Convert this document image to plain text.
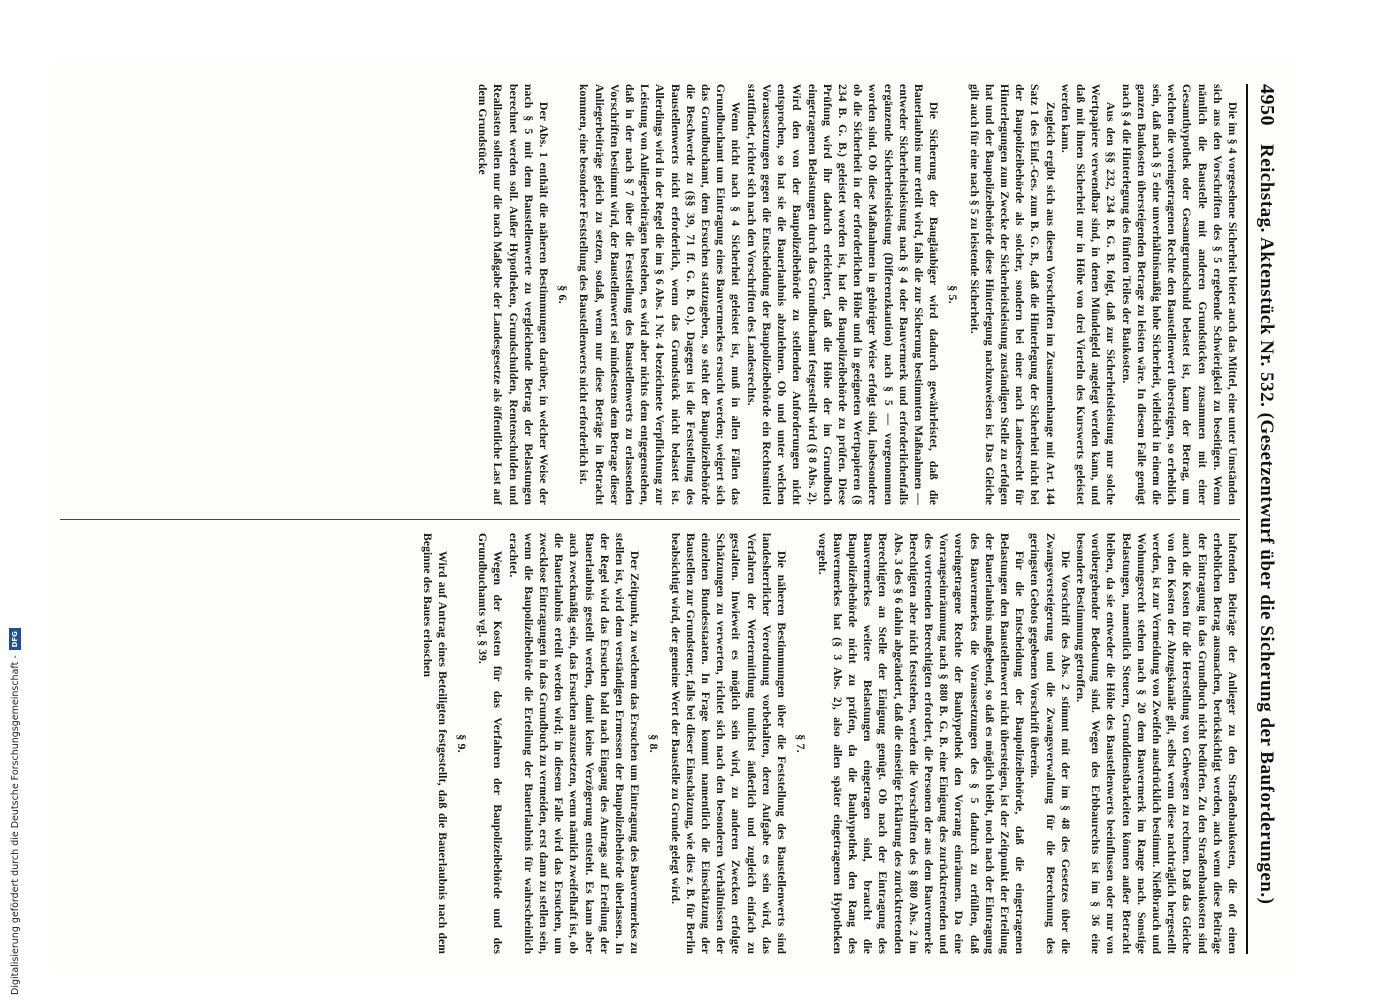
4950
Reichstag. Aktenstück Nr. 532. (Gesetzentwurf über die Sicherung der Bauforderungen.)

Die im § 4 vorgesehene Sicherheit bietet auch das Mittel, eine unter Umständen sich aus den Vorschriften des § 5 ergebende Schwierigkeit zu beseitigen. Wenn nämlich die Baustelle mit anderen Grundstücken zusammen mit einer Gesamthypothek oder Gesamtgrundschuld belastet ist, kann der Betrag, um welchen die voreingetragenen Rechte den Baustellenwert übersteigen, so erheblich sein, daß nach § 5 eine unverhältnismäßig hohe Sicherheit, vielleicht in einem die ganzen Baukosten übersteigenden Betrage zu leisten wäre. In diesem Falle genügt nach § 4 die Hinterlegung des fünften Teiles der Baukosten.

Aus den §§ 232, 234 B. G. B. folgt, daß zur Sicherheitsleistung nur solche Wertpapiere verwendbar sind, in denen Mündelgeld angelegt werden kann, und daß mit ihnen Sicherheit nur in Höhe von drei Vierteln des Kurswerts geleistet werden kann.

Zugleich ergibt sich aus diesen Vorschriften im Zusammenhange mit Art. 144 Satz 1 des Einf.-Ges. zum B. G. B., daß die Hinterlegung der Sicherheit nicht bei der Baupolizeibehörde als solcher, sondern bei einer nach Landesrecht für Hinterlegungen zum Zwecke der Sicherheitsleistung zuständigen Stelle zu erfolgen hat und der Baupolizeibehörde diese Hinterlegung nachzuweisen ist. Das Gleiche gilt auch für eine nach § 5 zu leistende Sicherheit.

§ 5.

Die Sicherung der Baugläubiger wird dadurch gewährleistet, daß die Bauerlaubnis nur erteilt wird, falls die zur Sicherung bestimmten Maßnahmen — entweder Sicherheitsleistung nach § 4 oder Bauvermerk und erforderlichenfalls ergänzende Sicherheitsleistung (Differenzkaution) nach § 5 — vorgenommen worden sind. Ob diese Maßnahmen in gehöriger Weise erfolgt sind, insbesondere ob die Sicherheit in der erforderlichen Höhe und in geeigneten Wertpapieren (§ 234 B. G. B.) geleistet worden ist, hat die Baupolizeibehörde zu prüfen. Diese Prüfung wird ihr dadurch erleichtert, daß die Höhe der im Grundbuch eingetragenen Belastungen durch das Grundbuchamt festgestellt wird (§ 8 Abs. 2). Wird den von der Baupolizeibehörde zu stellenden Anforderungen nicht entsprochen, so hat sie die Bauerlaubnis abzulehnen. Ob und unter welchen Voraussetzungen gegen die Entscheidung der Baupolizeibehörde ein Rechtsmittel stattfindet, richtet sich nach den Vorschriften des Landesrechts.

Wenn nicht nach § 4 Sicherheit geleistet ist, muß in allen Fällen das Grundbuchamt um Eintragung eines Bauvermerkes ersucht werden; weigert sich das Grundbuchamt, dem Ersuchen stattzugeben, so steht der Baupolizeibehörde die Beschwerde zu (§§ 39, 71 ff. G. B. O.). Dagegen ist die Feststellung des Baustellenwerts nicht erforderlich, wenn das Grundstück nicht belastet ist. Allerdings wird in der Regel die im § 6 Abs. 1 Nr. 4 bezeichnete Verpflichtung zur Leistung von Anliegerbeiträgen bestehen, es wird aber nichts dem entgegenstehen, daß in der nach § 7 über die Feststellung des Baustellenwerts zu erlassenden Vorschriften bestimmt wird, der Baustellenwert sei mindestens dem Betrage dieser Anliegerbeiträge gleich zu setzen, sodaß, wenn nur diese Beträge in Betracht kommen, eine besondere Feststellung des Baustellenwerts nicht erforderlich ist.

§ 6.

Der Abs. 1 enthält die näheren Bestimmungen darüber, in welcher Weise der nach § 5 mit dem Baustellenwerte zu vergleichende Betrag der Belastungen berechnet werden soll. Außer Hypotheken, Grundschulden, Rentenschulden und Reallasten sollen nur die nach Maßgabe der Landesgesetze als öffentliche Last auf dem Grundstücke

haftenden Beiträge der Anlieger zu den Straßenbaukosten, die oft einen erheblichen Betrag ausmachen, berücksichtigt werden, auch wenn diese Beiträge der Eintragung in das Grundbuch nicht bedürfen. Zu den Straßenbaukosten sind auch die Kosten für die Herstellung von Gehwegen zu rechnen. Daß das Gleiche von den Kosten der Abzugskanäle gilt, selbst wenn diese nachträglich hergestellt werden, ist zur Vermeidung von Zweifeln ausdrücklich bestimmt. Nießbrauch und Wohnungsrecht stehen nach § 20 dem Bauvermerk im Range nach. Sonstige Belastungen, namentlich Steuern, Grunddienstbarkeiten können außer Betracht bleiben, da sie entweder die Höhe des Baustellenwerts beeinflussen oder nur von vorübergehender Bedeutung sind. Wegen des Erbbaurechts ist im § 36 eine besondere Bestimmung getroffen.

Die Vorschrift des Abs. 2 stimmt mit der im § 48 des Gesetzes über die Zwangsversteigerung und die Zwangsverwaltung für die Berechnung des geringsten Gebots gegebenen Vorschrift überein.

Für die Entscheidung der Baupolizeibehörde, daß die eingetragenen Belastungen den Baustellenwert nicht übersteigen, ist der Zeitpunkt der Erteilung der Bauerlaubnis maßgebend, so daß es möglich bleibt, noch nach der Eintragung des Bauvermerkes die Voraussetzungen des § 5 dadurch zu erfüllen, daß voreingetragene Rechte der Bauhypothek den Vorrang einräumen. Da eine Vorrangseinräumung nach § 880 B. G. B. eine Einigung des zurücktretenden und des vortretenden Berechtigten erfordert, die Personen der aus dem Bauvermerke Berechtigten aber nicht feststehen, werden die Vorschriften des § 880 Abs. 2 im Abs. 3 des § 6 dahin abgeändert, daß die einseitige Erklärung des zurücktretenden Berechtigten an Stelle der Einigung genügt. Ob nach der Eintragung des Bauvermerkes weitere Belastungen eingetragen sind, braucht die Baupolizeibehörde nicht zu prüfen, da die Bauhypothek den Rang des Bauvermerkes hat (§ 3 Abs. 2), also allen später eingetragenen Hypotheken vorgeht.

§ 7.

Die näheren Bestimmungen über die Feststellung des Baustellenwerts sind landesherrlicher Verordnung vorbehalten, deren Aufgabe es sein wird, das Verfahren der Wertermittlung tunlichst äußerlich und zugleich einfach zu gestalten. Inwieweit es möglich sein wird, zu anderen Zwecken erfolgte Schätzungen zu verwerten, richtet sich nach den besonderen Verhältnissen der einzelnen Bundesstaaten. In Frage kommt namentlich die Einschätzung der Baustellen zur Grundsteuer, falls bei dieser Einschätzung, wie dies z. B. für Berlin beabsichtigt wird, der gemeine Wert der Baustelle zu Grunde gelegt wird.

§ 8.

Der Zeitpunkt, zu welchem das Ersuchen um Eintragung des Bauvermerkes zu stellen ist, wird dem verständigen Ermessen der Baupolizeibehörde überlassen. In der Regel wird das Ersuchen bald nach Eingang des Antrags auf Erteilung der Bauerlaubnis gestellt werden, damit keine Verzögerung entsteht. Es kann aber auch zweckmäßig sein, das Ersuchen auszusetzen, wenn nämlich zweifelhaft ist, ob die Bauerlaubnis erteilt werden wird; in diesem Falle wird das Ersuchen, um zwecklose Eintragungen in das Grundbuch zu vermeiden, erst dann zu stellen sein, wenn die Baupolizeibehörde die Erteilung der Bauerlaubnis für wahrscheinlich erachtet.

Wegen der Kosten für das Verfahren der Baupolizeibehörde und des Grundbuchamts vgl. § 39.

§ 9.

Wird auf Antrag eines Beteiligten festgestellt, daß die Bauerlaubnis nach dem Beginne des Baues erloschen

Digitalisierung gefördert durch die Deutsche Forschungsgemeinschaft -
DFG
